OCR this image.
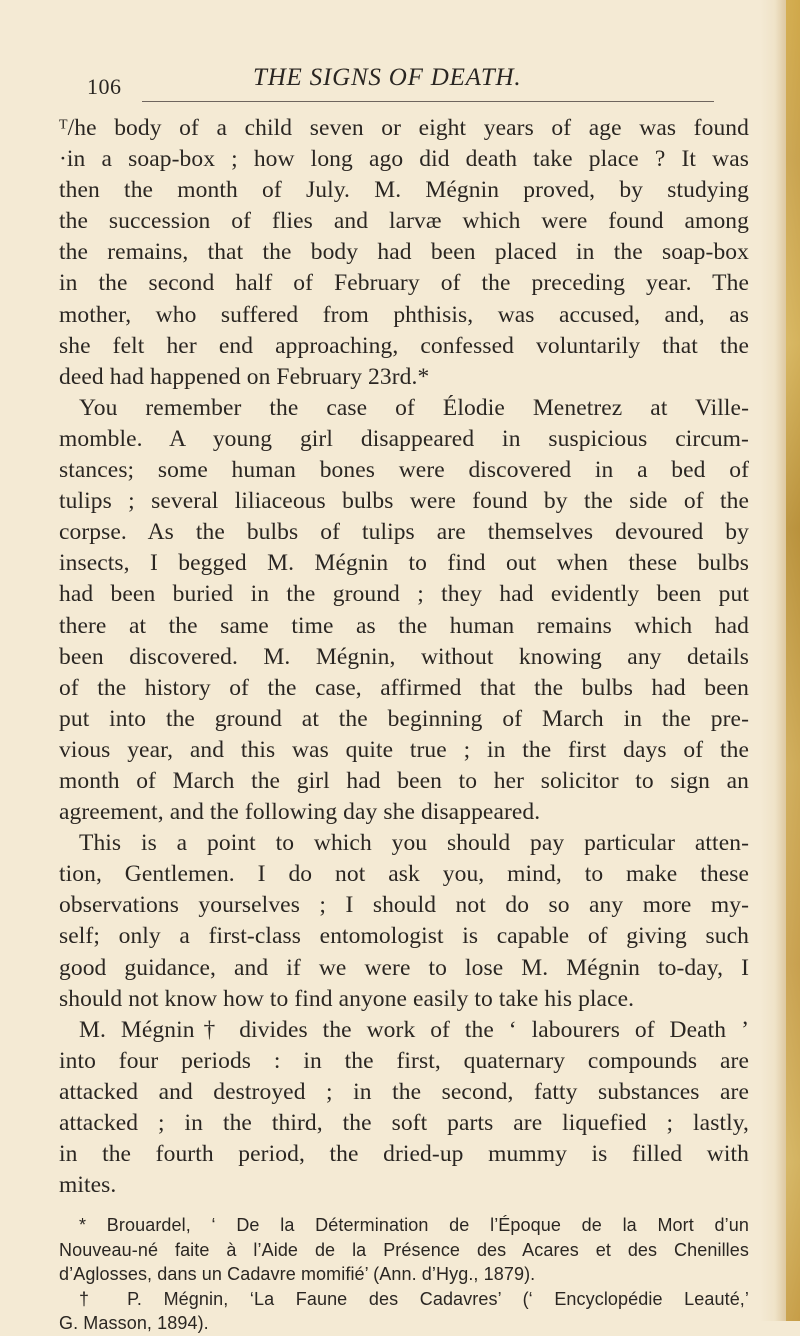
106	THE SIGNS OF DEATH.
ᵀ/he body of a child seven or eight years of age was found
·in a soap-box ; how long ago did death take place ? It was
then the month of July. M. Mégnin proved, by studying
the succession of flies and larvæ which were found among
the remains, that the body had been placed in the soap-box
in the second half of February of the preceding year. The
mother, who suffered from phthisis, was accused, and, as
she felt her end approaching, confessed voluntarily that the
deed had happened on February 23rd.*
You remember the case of Élodie Menetrez at Ville-
momble. A young girl disappeared in suspicious circum-
stances; some human bones were discovered in a bed of
tulips ; several liliaceous bulbs were found by the side of the
corpse. As the bulbs of tulips are themselves devoured by
insects, I begged M. Mégnin to find out when these bulbs
had been buried in the ground ; they had evidently been put
there at the same time as the human remains which had
been discovered. M. Mégnin, without knowing any details
of the history of the case, affirmed that the bulbs had been
put into the ground at the beginning of March in the pre-
vious year, and this was quite true ; in the first days of the
month of March the girl had been to her solicitor to sign an
agreement, and the following day she disappeared.
This is a point to which you should pay particular atten-
tion, Gentlemen. I do not ask you, mind, to make these
observations yourselves ; I should not do so any more my-
self; only a first-class entomologist is capable of giving such
good guidance, and if we were to lose M. Mégnin to-day, I
should not know how to find anyone easily to take his place.
M. Mégnin† divides the work of the ‘ labourers of Death ’
into four periods : in the first, quaternary compounds are
attacked and destroyed ; in the second, fatty substances are
attacked ; in the third, the soft parts are liquefied ; lastly,
in the fourth period, the dried-up mummy is filled with
mites.
* Brouardel, ‘ De la Détermination de l’Époque de la Mort d’un
Nouveau-né faite à l’Aide de la Présence des Acares et des Chenilles
d’Aglosses, dans un Cadavre momifié’ (Ann. d’Hyg., 1879).
† P. Mégnin, ‘La Faune des Cadavres’ (‘ Encyclopédie Leauté,’
G. Masson, 1894).
